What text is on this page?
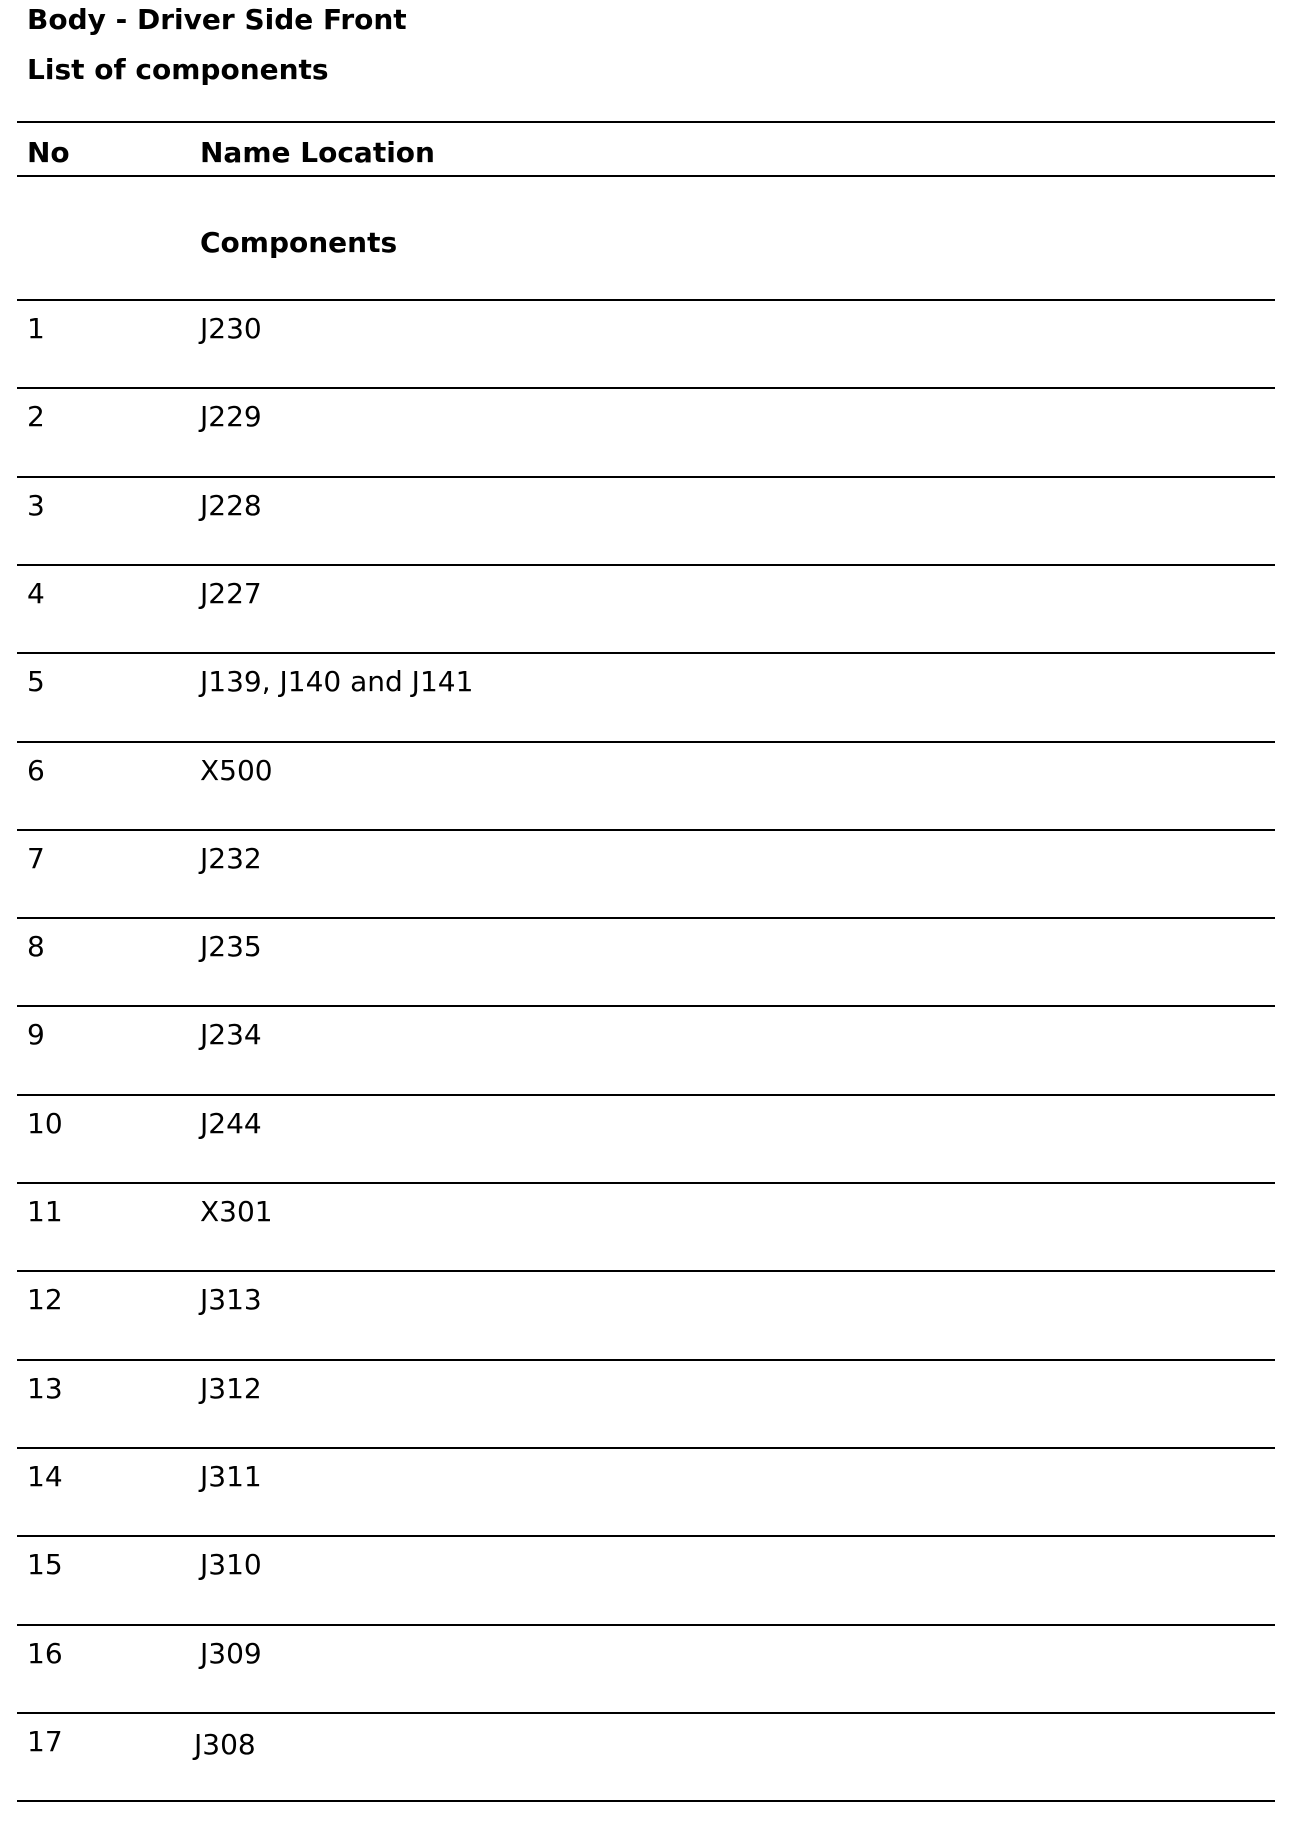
Body - Driver Side Front
List of components
No	Name Location
Components
1	J230
2	J229
3	J228
4	J227
5	J139, J140 and J141
6	X500
7	J232
8	J235
9	J234
10	J244
11	X301
12	J313
13	J312
14	J311
15	J310
16	J309
17	J308
